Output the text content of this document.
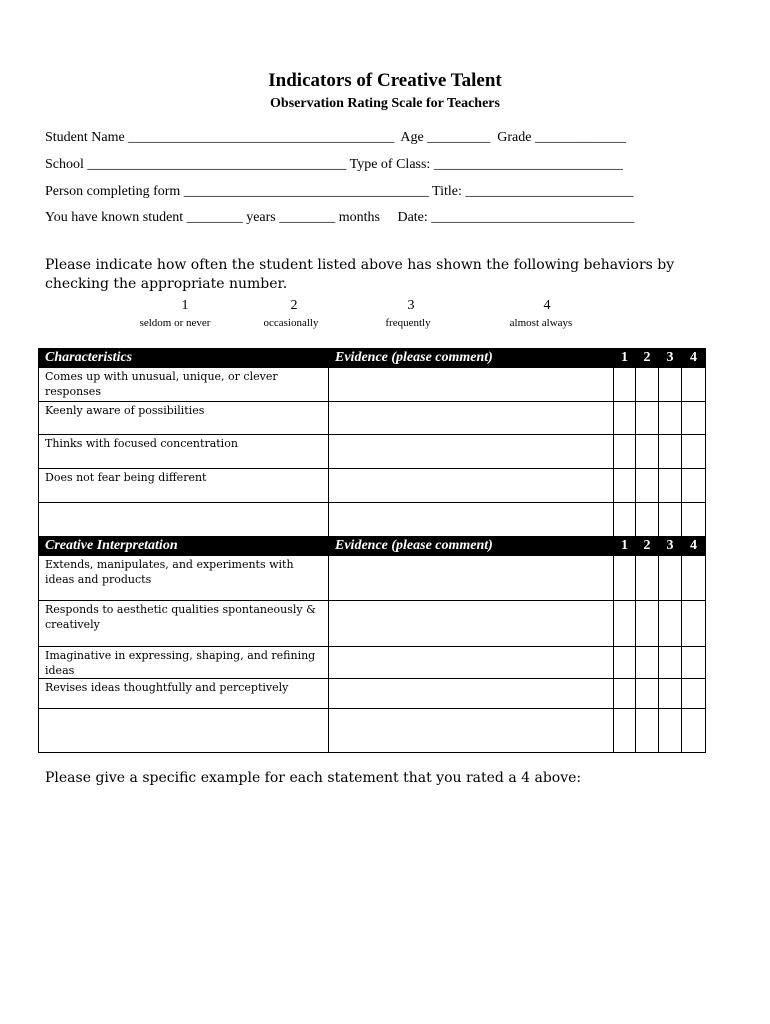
Indicators of Creative Talent
Observation Rating Scale for Teachers
Student Name ______________________________________  Age _________  Grade _____________
School _____________________________________ Type of Class: ___________________________
Person completing form ___________________________________ Title: ________________________
You have known student ________ years ________ months     Date: _____________________________
Please indicate how often the student listed above has shown the following behaviors by checking the appropriate number.
1	2	3	4
seldom or never	occasionally	frequently	almost always
Characteristics	Evidence (please comment)	1	2	3	4

Comes up with unusual, unique, or clever responses					

Keenly aware of possibilities					

Thinks with focused concentration					

Does not fear being different					

Creative Interpretation	Evidence (please comment)	1	2	3	4

Extends, manipulates, and experiments with ideas and products					

Responds to aesthetic qualities spontaneously & creatively					

Imaginative in expressing, shaping, and refining ideas					

Revises ideas thoughtfully and perceptively					

Please give a specific example for each statement that you rated a 4 above:
